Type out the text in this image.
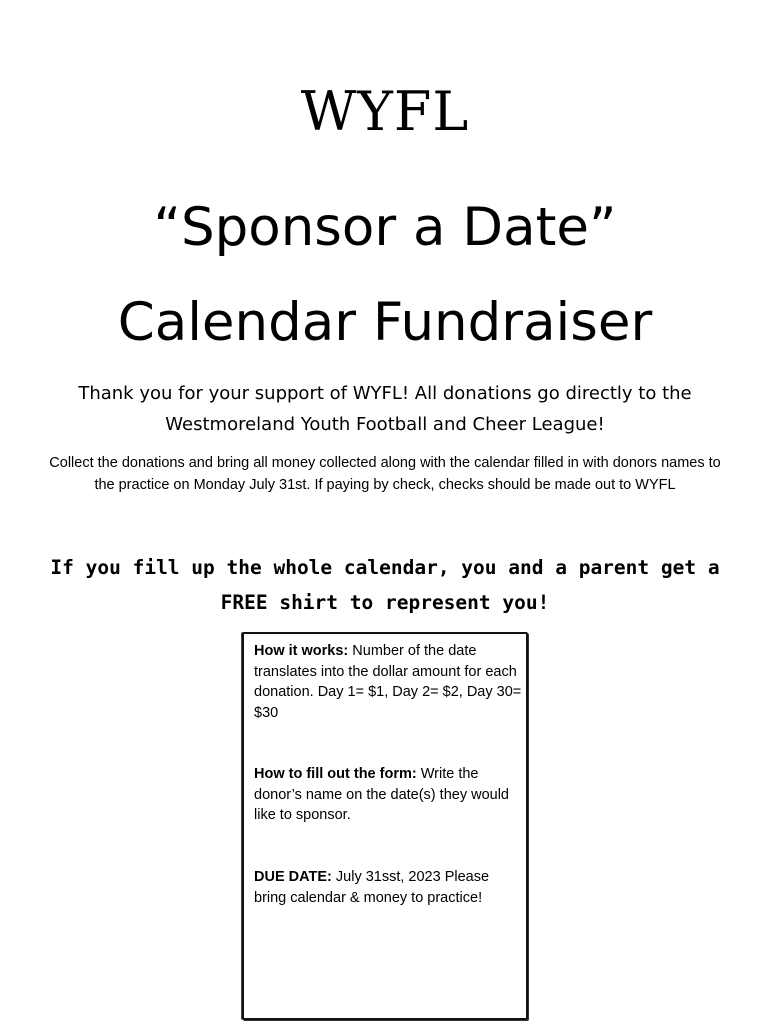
WYFL
“Sponsor a Date”
Calendar Fundraiser
Thank you for your support of WYFL! All donations go directly to the Westmoreland Youth Football and Cheer League!
Collect the donations and bring all money collected along with the calendar filled in with donors names to the practice on Monday July 31st. If paying by check, checks should be made out to WYFL
If you fill up the whole calendar, you and a parent get a FREE shirt to represent you!
How it works: Number of the date translates into the dollar amount for each donation. Day 1= $1, Day 2= $2, Day 30= $30
How to fill out the form: Write the donor’s name on the date(s) they would like to sponsor.
DUE DATE: July 31sst, 2023 Please bring calendar & money to practice!
